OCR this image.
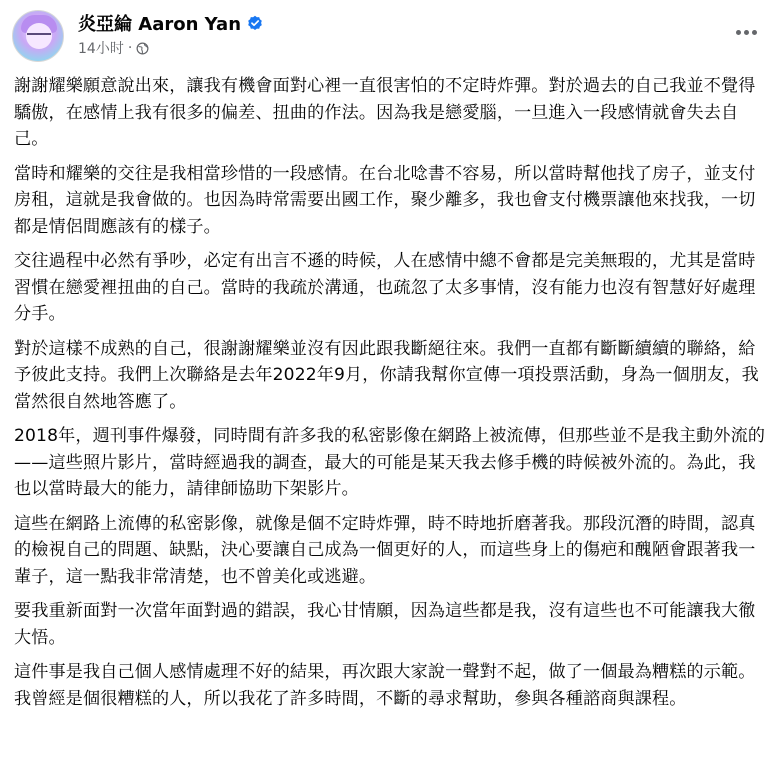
炎亞綸 Aaron Yan
14小时 ·

謝謝耀樂願意說出來，讓我有機會面對心裡一直很害怕的不定時炸彈。對於過去的自己我並不覺得驕傲，在感情上我有很多的偏差、扭曲的作法。因為我是戀愛腦，一旦進入一段感情就會失去自己。

當時和耀樂的交往是我相當珍惜的一段感情。在台北唸書不容易，所以當時幫他找了房子，並支付房租，這就是我會做的。也因為時常需要出國工作，聚少離多，我也會支付機票讓他來找我，一切都是情侶間應該有的樣子。

交往過程中必然有爭吵，必定有出言不遜的時候，人在感情中總不會都是完美無瑕的，尤其是當時習慣在戀愛裡扭曲的自己。當時的我疏於溝通，也疏忽了太多事情，沒有能力也沒有智慧好好處理分手。

對於這樣不成熟的自己，很謝謝耀樂並沒有因此跟我斷絕往來。我們一直都有斷斷續續的聯絡，給予彼此支持。我們上次聯絡是去年2022年9月，你請我幫你宣傳一項投票活動，身為一個朋友，我當然很自然地答應了。

2018年，週刊事件爆發，同時間有許多我的私密影像在網路上被流傳，但那些並不是我主動外流的——這些照片影片，當時經過我的調查，最大的可能是某天我去修手機的時候被外流的。為此，我也以當時最大的能力，請律師協助下架影片。

這些在網路上流傳的私密影像，就像是個不定時炸彈，時不時地折磨著我。那段沉潛的時間，認真的檢視自己的問題、缺點，決心要讓自己成為一個更好的人，而這些身上的傷疤和醜陋會跟著我一輩子，這一點我非常清楚，也不曾美化或逃避。

要我重新面對一次當年面對過的錯誤，我心甘情願，因為這些都是我，沒有這些也不可能讓我大徹大悟。

這件事是我自己個人感情處理不好的結果，再次跟大家說一聲對不起，做了一個最為糟糕的示範。我曾經是個很糟糕的人，所以我花了許多時間，不斷的尋求幫助，參與各種諮商與課程。
